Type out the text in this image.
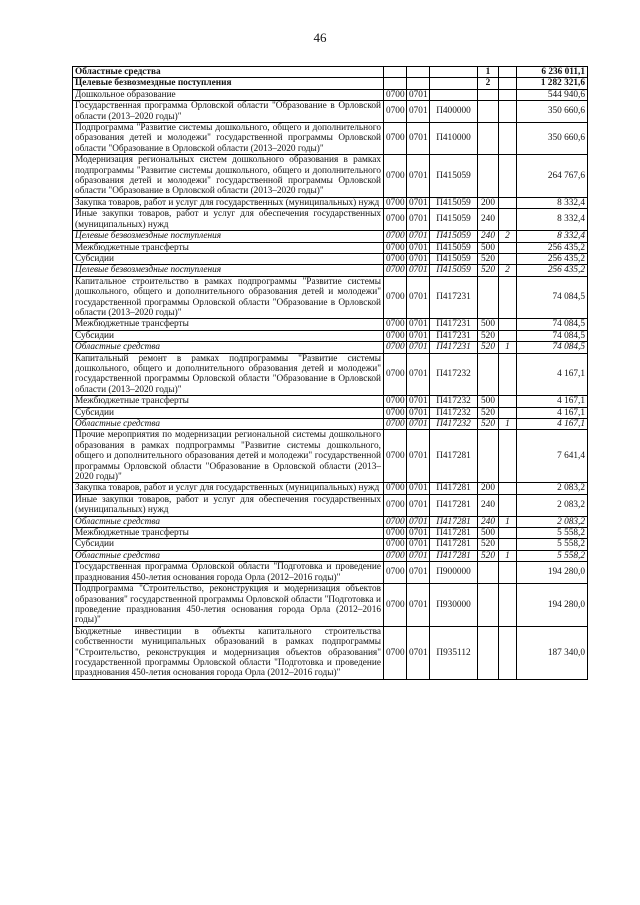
46
Областные средства				1		6 236 011,1
Целевые безвозмездные поступления				2		1 282 321,6
Дошкольное образование	0700	0701				544 940,6
Государственная программа Орловской области "Образование в Орловской области (2013–2020 годы)"	0700	0701	П400000			350 660,6
Подпрограмма "Развитие системы дошкольного, общего и дополнительного образования детей и молодежи" государственной программы Орловской области "Образование в Орловской области (2013–2020 годы)"	0700	0701	П410000			350 660,6
Модернизация региональных систем дошкольного образования в рамках подпрограммы "Развитие системы дошкольного, общего и дополнительного образования детей и молодежи" государственной программы Орловской области "Образование в Орловской области (2013–2020 годы)"	0700	0701	П415059			264 767,6
Закупка товаров, работ и услуг для государственных (муниципальных) нужд	0700	0701	П415059	200		8 332,4
Иные закупки товаров, работ и услуг для обеспечения государственных (муниципальных) нужд	0700	0701	П415059	240		8 332,4
Целевые безвозмездные поступления	0700	0701	П415059	240	2	8 332,4
Межбюджетные трансферты	0700	0701	П415059	500		256 435,2
Субсидии	0700	0701	П415059	520		256 435,2
Целевые безвозмездные поступления	0700	0701	П415059	520	2	256 435,2
Капитальное строительство в рамках подпрограммы "Развитие системы дошкольного, общего и дополнительного образования детей и молодежи" государственной программы Орловской области "Образование в Орловской области (2013–2020 годы)"	0700	0701	П417231			74 084,5
Межбюджетные трансферты	0700	0701	П417231	500		74 084,5
Субсидии	0700	0701	П417231	520		74 084,5
Областные средства	0700	0701	П417231	520	1	74 084,5
Капитальный ремонт в рамках подпрограммы "Развитие системы дошкольного, общего и дополнительного образования детей и молодежи" государственной программы Орловской области "Образование в Орловской области (2013–2020 годы)"	0700	0701	П417232			4 167,1
Межбюджетные трансферты	0700	0701	П417232	500		4 167,1
Субсидии	0700	0701	П417232	520		4 167,1
Областные средства	0700	0701	П417232	520	1	4 167,1
Прочие мероприятия по модернизации региональной системы дошкольного образования в рамках подпрограммы "Развитие системы дошкольного, общего и дополнительного образования детей и молодежи" государственной программы Орловской области "Образование в Орловской области (2013–2020 годы)"	0700	0701	П417281			7 641,4
Закупка товаров, работ и услуг для государственных (муниципальных) нужд	0700	0701	П417281	200		2 083,2
Иные закупки товаров, работ и услуг для обеспечения государственных (муниципальных) нужд	0700	0701	П417281	240		2 083,2
Областные средства	0700	0701	П417281	240	1	2 083,2
Межбюджетные трансферты	0700	0701	П417281	500		5 558,2
Субсидии	0700	0701	П417281	520		5 558,2
Областные средства	0700	0701	П417281	520	1	5 558,2
Государственная программа Орловской области "Подготовка и проведение празднования 450-летия основания города Орла (2012–2016 годы)"	0700	0701	П900000			194 280,0
Подпрограмма "Строительство, реконструкция и модернизация объектов образования" государственной программы Орловской области "Подготовка и проведение празднования 450-летия основания города Орла (2012–2016 годы)"	0700	0701	П930000			194 280,0
Бюджетные инвестиции в объекты капитального строительства собственности муниципальных образований в рамках подпрограммы "Строительство, реконструкция и модернизация объектов образования" государственной программы Орловской области "Подготовка и проведение празднования 450-летия основания города Орла (2012–2016 годы)"	0700	0701	П935112			187 340,0
